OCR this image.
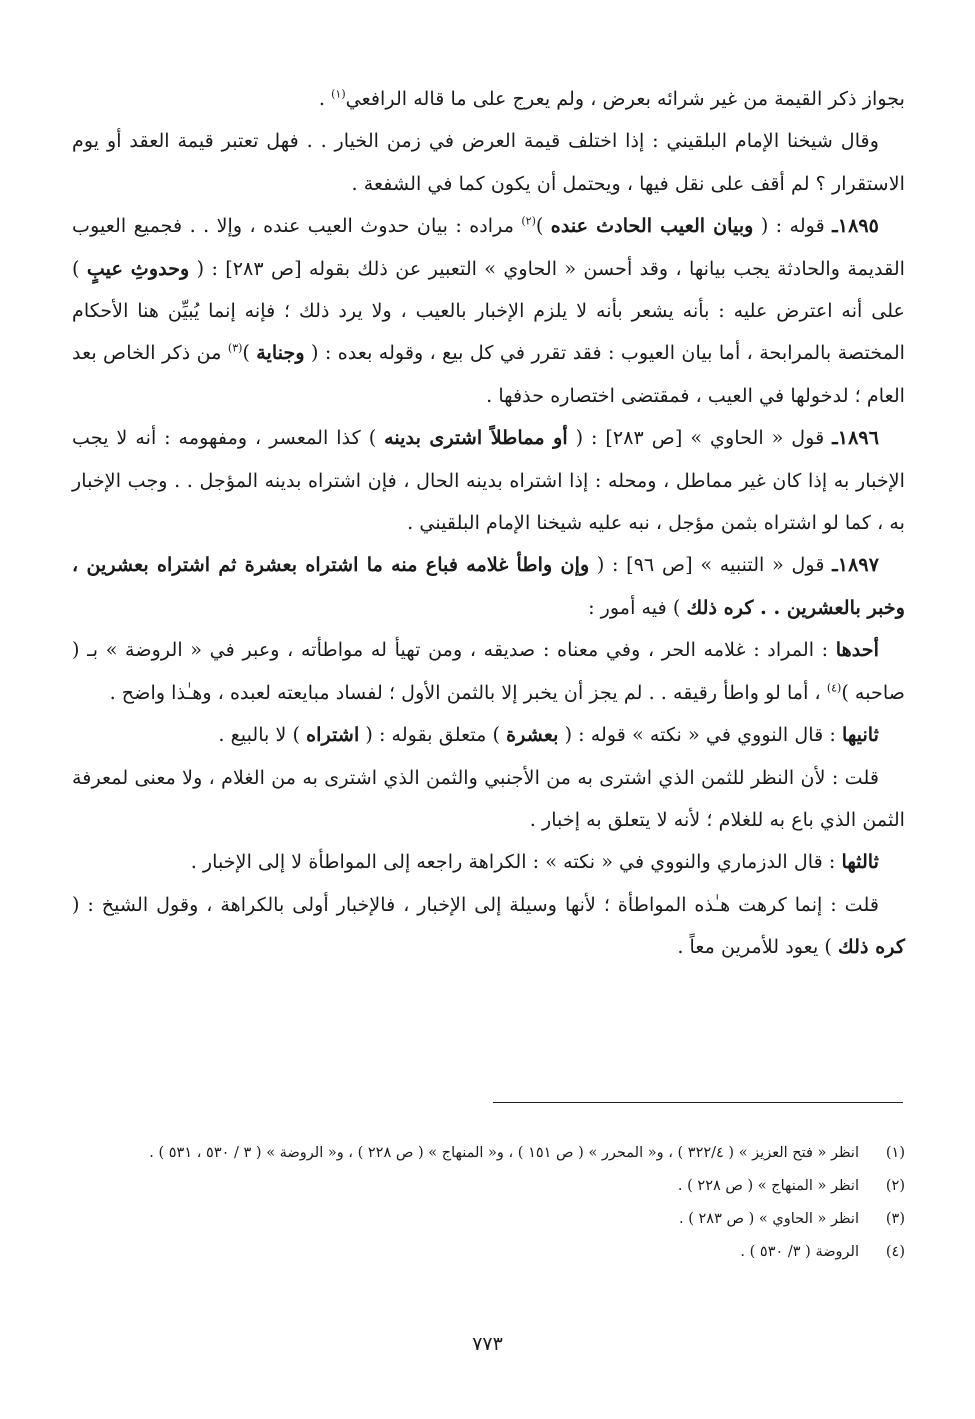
بجواز ذكر القيمة من غير شرائه بعرض ، ولم يعرج على ما قاله الرافعي$^{(١)}$ .

وقال شيخنا الإمام البلقيني : إذا اختلف قيمة العرض في زمن الخيار . . فهل تعتبر قيمة العقد أو يوم الاستقرار ؟ لم أقف على نقل فيها ، ويحتمل أن يكون كما في الشفعة .

١٨٩٥ـ قوله : ( وبيان العيب الحادث عنده )$^{(٢)}$ مراده : بيان حدوث العيب عنده ، وإلا . . فجميع العيوب القديمة والحادثة يجب بيانها ، وقد أحسن « الحاوي » التعبير عن ذلك بقوله [ص ٢٨٣] : ( وحدوثِ عيبٍ ) على أنه اعترض عليه : بأنه يشعر بأنه لا يلزم الإخبار بالعيب ، ولا يرد ذلك ؛ فإنه إنما يُبيِّن هنا الأحكام المختصة بالمرابحة ، أما بيان العيوب : فقد تقرر في كل بيع ، وقوله بعده : ( وجناية )$^{(٣)}$ من ذكر الخاص بعد العام ؛ لدخولها في العيب ، فمقتضى اختصاره حذفها .

١٨٩٦ـ قول « الحاوي » [ص ٢٨٣] : ( أو مماطلاً اشترى بدينه ) كذا المعسر ، ومفهومه : أنه لا يجب الإخبار به إذا كان غير مماطل ، ومحله : إذا اشتراه بدينه الحال ، فإن اشتراه بدينه المؤجل . . وجب الإخبار به ، كما لو اشتراه بثمن مؤجل ، نبه عليه شيخنا الإمام البلقيني .

١٨٩٧ـ قول « التنبيه » [ص ٩٦] : ( وإن واطأ غلامه فباع منه ما اشتراه بعشرة ثم اشتراه بعشرين ، وخبر بالعشرين . . كره ذلك ) فيه أمور :

أحدها : المراد : غلامه الحر ، وفي معناه : صديقه ، ومن تهيأ له مواطأته ، وعبر في « الروضة » بـ ( صاحبه )$^{(٤)}$ ، أما لو واطأ رقيقه . . لم يجز أن يخبر إلا بالثمن الأول ؛ لفساد مبايعته لعبده ، وهـٰذا واضح .

ثانيها : قال النووي في « نكته » قوله : ( بعشرة ) متعلق بقوله : ( اشتراه ) لا بالبيع .

قلت : لأن النظر للثمن الذي اشترى به من الأجنبي والثمن الذي اشترى به من الغلام ، ولا معنى لمعرفة الثمن الذي باع به للغلام ؛ لأنه لا يتعلق به إخبار .

ثالثها : قال الدزماري والنووي في « نكته » : الكراهة راجعه إلى المواطأة لا إلى الإخبار .

قلت : إنما كرهت هـٰذه المواطأة ؛ لأنها وسيلة إلى الإخبار ، فالإخبار أولى بالكراهة ، وقول الشيخ : ( كره ذلك ) يعود للأمرين معاً .

(١)
انظر « فتح العزيز » ( ٣٢٢/٤ ) ، و« المحرر » ( ص ١٥١ ) ، و« المنهاج » ( ص ٢٢٨ ) ، و« الروضة » ( ٣ / ٥٣٠ ، ٥٣١ ) .
(٢)
انظر « المنهاج » ( ص ٢٢٨ ) .
(٣)
انظر « الحاوي » ( ص ٢٨٣ ) .
(٤)
الروضة ( ٣/ ٥٣٠ ) .
٧٧٣
